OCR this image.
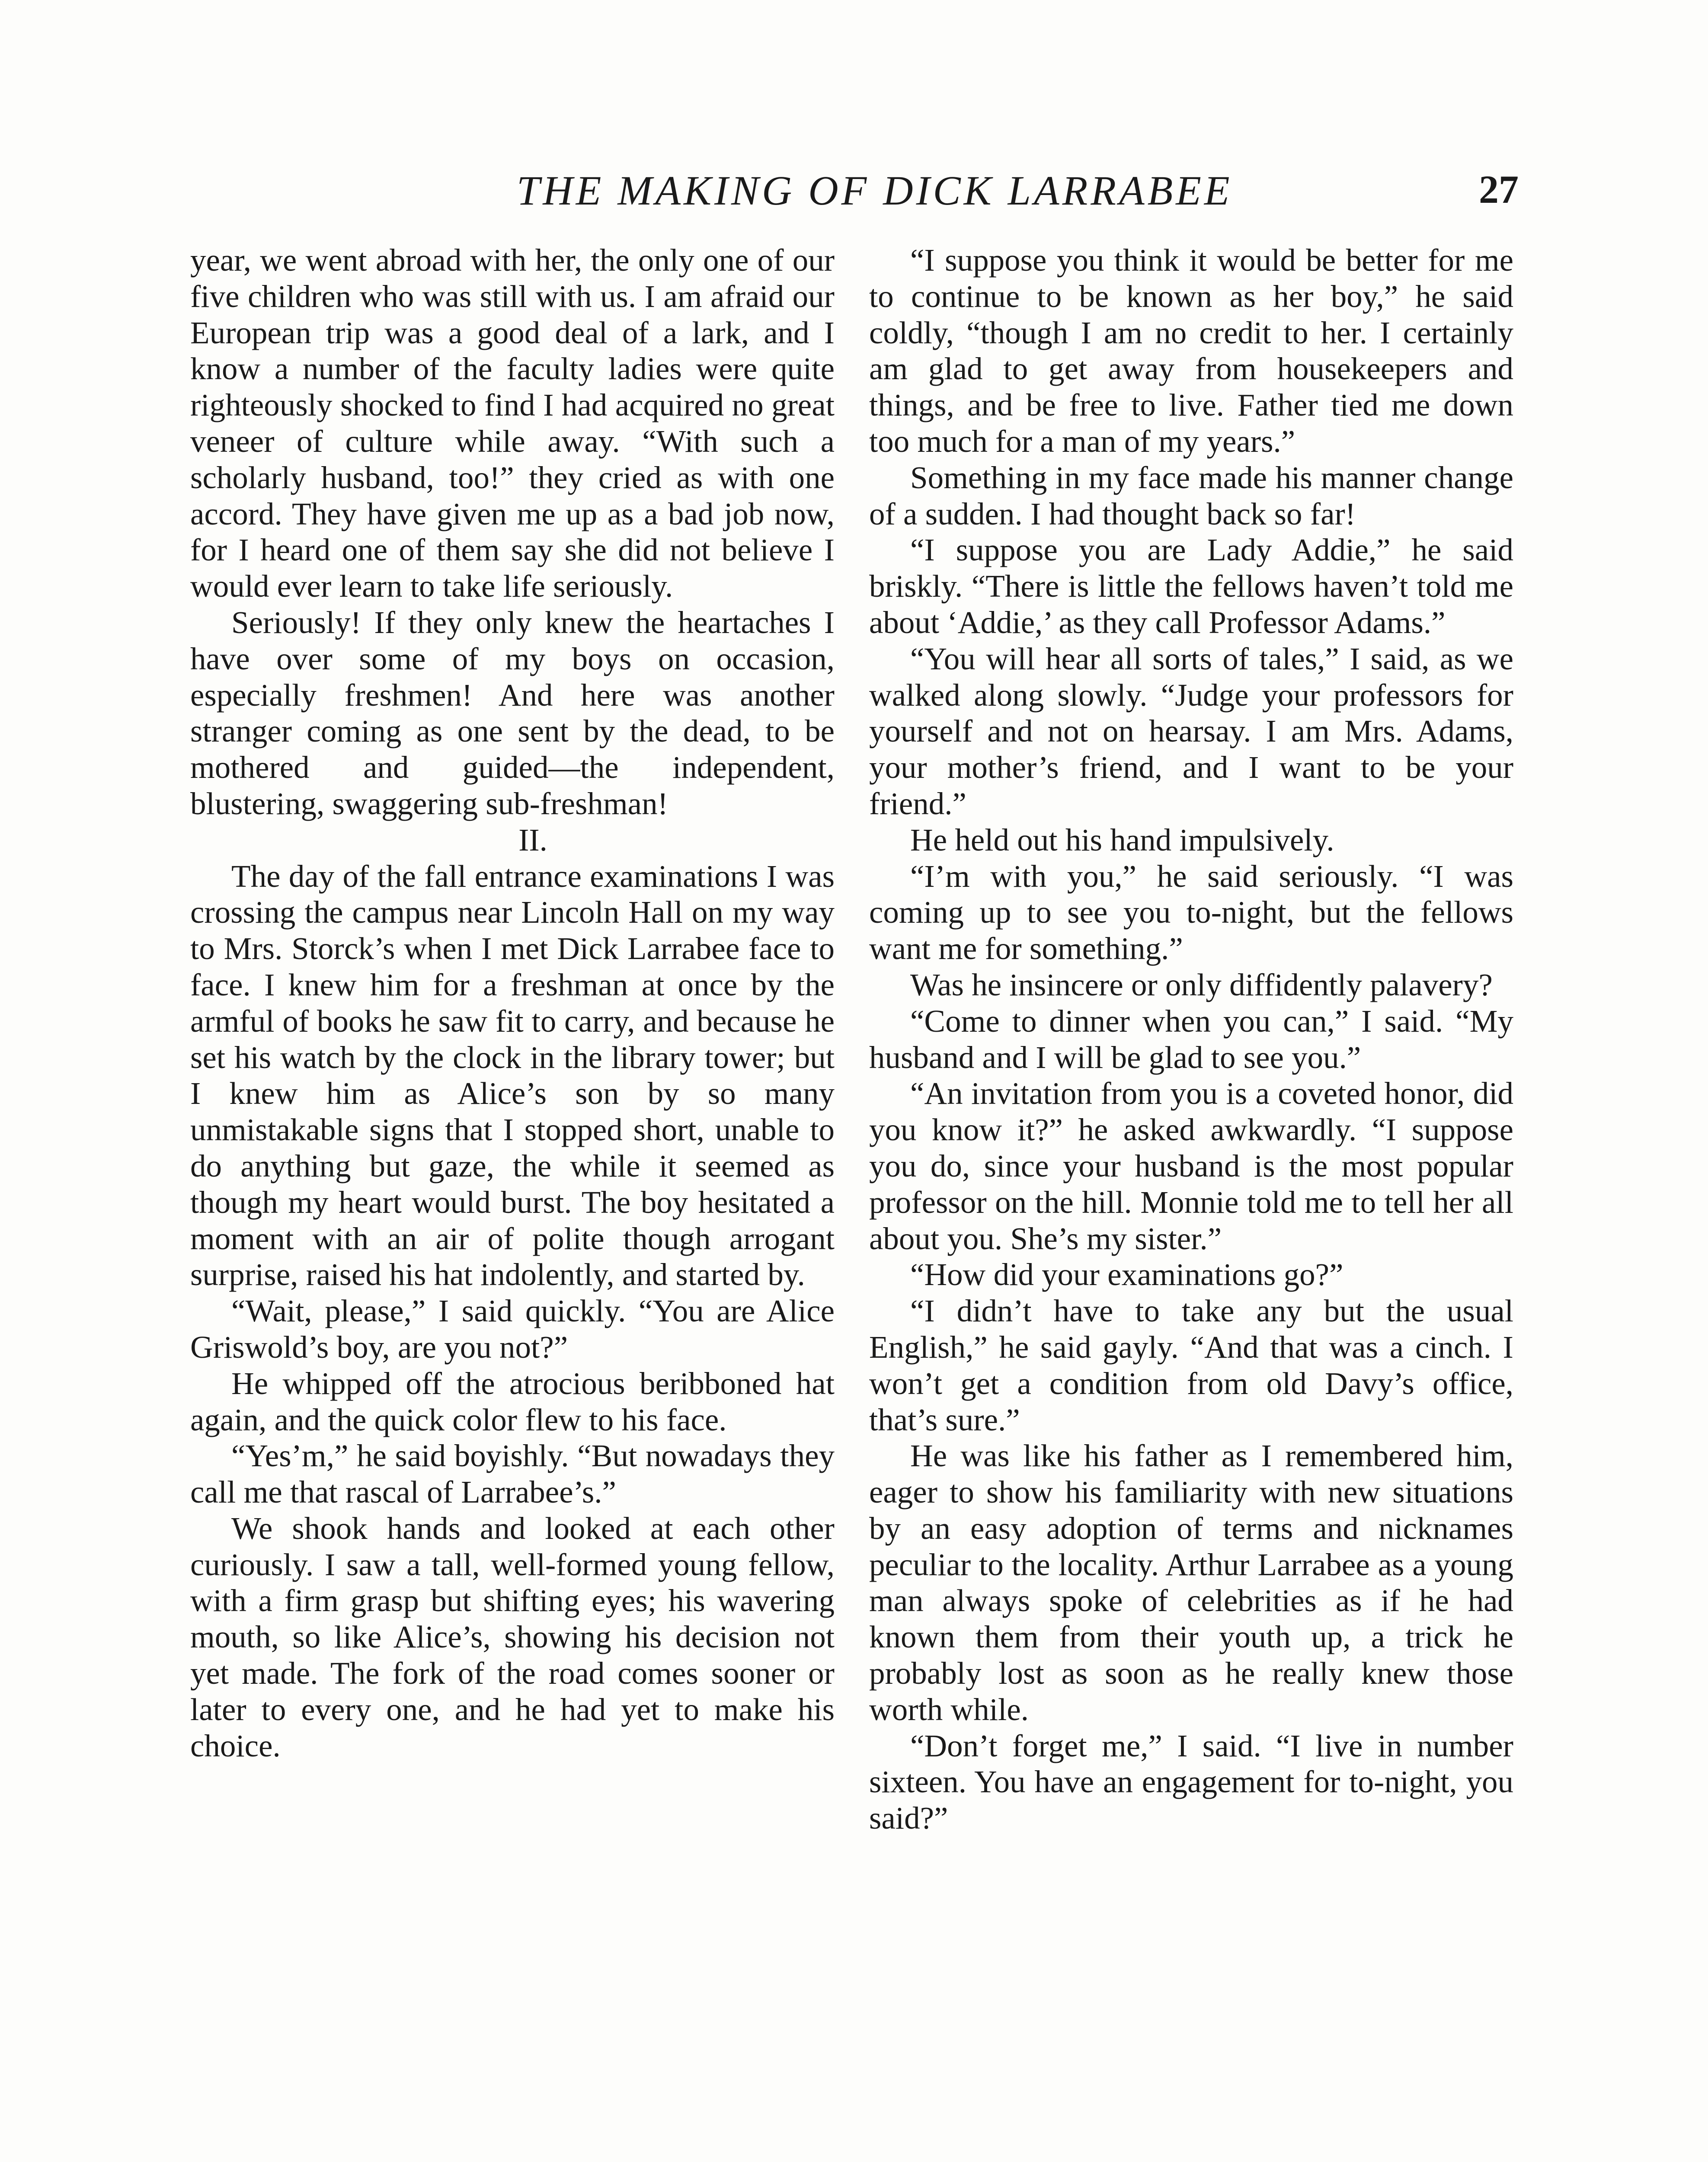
THE MAKING OF DICK LARRABEE	27

year, we went abroad with her, the only one of our five children who was still with us. I am afraid our European trip was a good deal of a lark, and I know a number of the faculty ladies were quite righteously shocked to find I had acquired no great veneer of culture while away. “With such a scholarly husband, too!” they cried as with one accord. They have given me up as a bad job now, for I heard one of them say she did not believe I would ever learn to take life seriously.

Seriously! If they only knew the heartaches I have over some of my boys on occasion, especially freshmen! And here was another stranger coming as one sent by the dead, to be mothered and guided—the independent, blustering, swaggering sub-freshman!

II.

The day of the fall entrance examinations I was crossing the campus near Lincoln Hall on my way to Mrs. Storck’s when I met Dick Larrabee face to face. I knew him for a freshman at once by the armful of books he saw fit to carry, and because he set his watch by the clock in the library tower; but I knew him as Alice’s son by so many unmistakable signs that I stopped short, unable to do anything but gaze, the while it seemed as though my heart would burst. The boy hesitated a moment with an air of polite though arrogant surprise, raised his hat indolently, and started by.

“Wait, please,” I said quickly. “You are Alice Griswold’s boy, are you not?”

He whipped off the atrocious beribboned hat again, and the quick color flew to his face.

“Yes’m,” he said boyishly. “But nowadays they call me that rascal of Larrabee’s.”

We shook hands and looked at each other curiously. I saw a tall, well-formed young fellow, with a firm grasp but shifting eyes; his wavering mouth, so like Alice’s, showing his decision not yet made. The fork of the road comes sooner or later to every one, and he had yet to make his choice.

“I suppose you think it would be better for me to continue to be known as her boy,” he said coldly, “though I am no credit to her. I certainly am glad to get away from housekeepers and things, and be free to live. Father tied me down too much for a man of my years.”

Something in my face made his manner change of a sudden. I had thought back so far!

“I suppose you are Lady Addie,” he said briskly. “There is little the fellows haven’t told me about ‘Addie,’ as they call Professor Adams.”

“You will hear all sorts of tales,” I said, as we walked along slowly. “Judge your professors for yourself and not on hearsay. I am Mrs. Adams, your mother’s friend, and I want to be your friend.”

He held out his hand impulsively.

“I’m with you,” he said seriously. “I was coming up to see you to-night, but the fellows want me for something.”

Was he insincere or only diffidently palavery?

“Come to dinner when you can,” I said. “My husband and I will be glad to see you.”

“An invitation from you is a coveted honor, did you know it?” he asked awkwardly. “I suppose you do, since your husband is the most popular professor on the hill. Monnie told me to tell her all about you. She’s my sister.”

“How did your examinations go?”

“I didn’t have to take any but the usual English,” he said gayly. “And that was a cinch. I won’t get a condition from old Davy’s office, that’s sure.”

He was like his father as I remembered him, eager to show his familiarity with new situations by an easy adoption of terms and nicknames peculiar to the locality. Arthur Larrabee as a young man always spoke of celebrities as if he had known them from their youth up, a trick he probably lost as soon as he really knew those worth while.

“Don’t forget me,” I said. “I live in number sixteen. You have an engagement for to-night, you said?”
